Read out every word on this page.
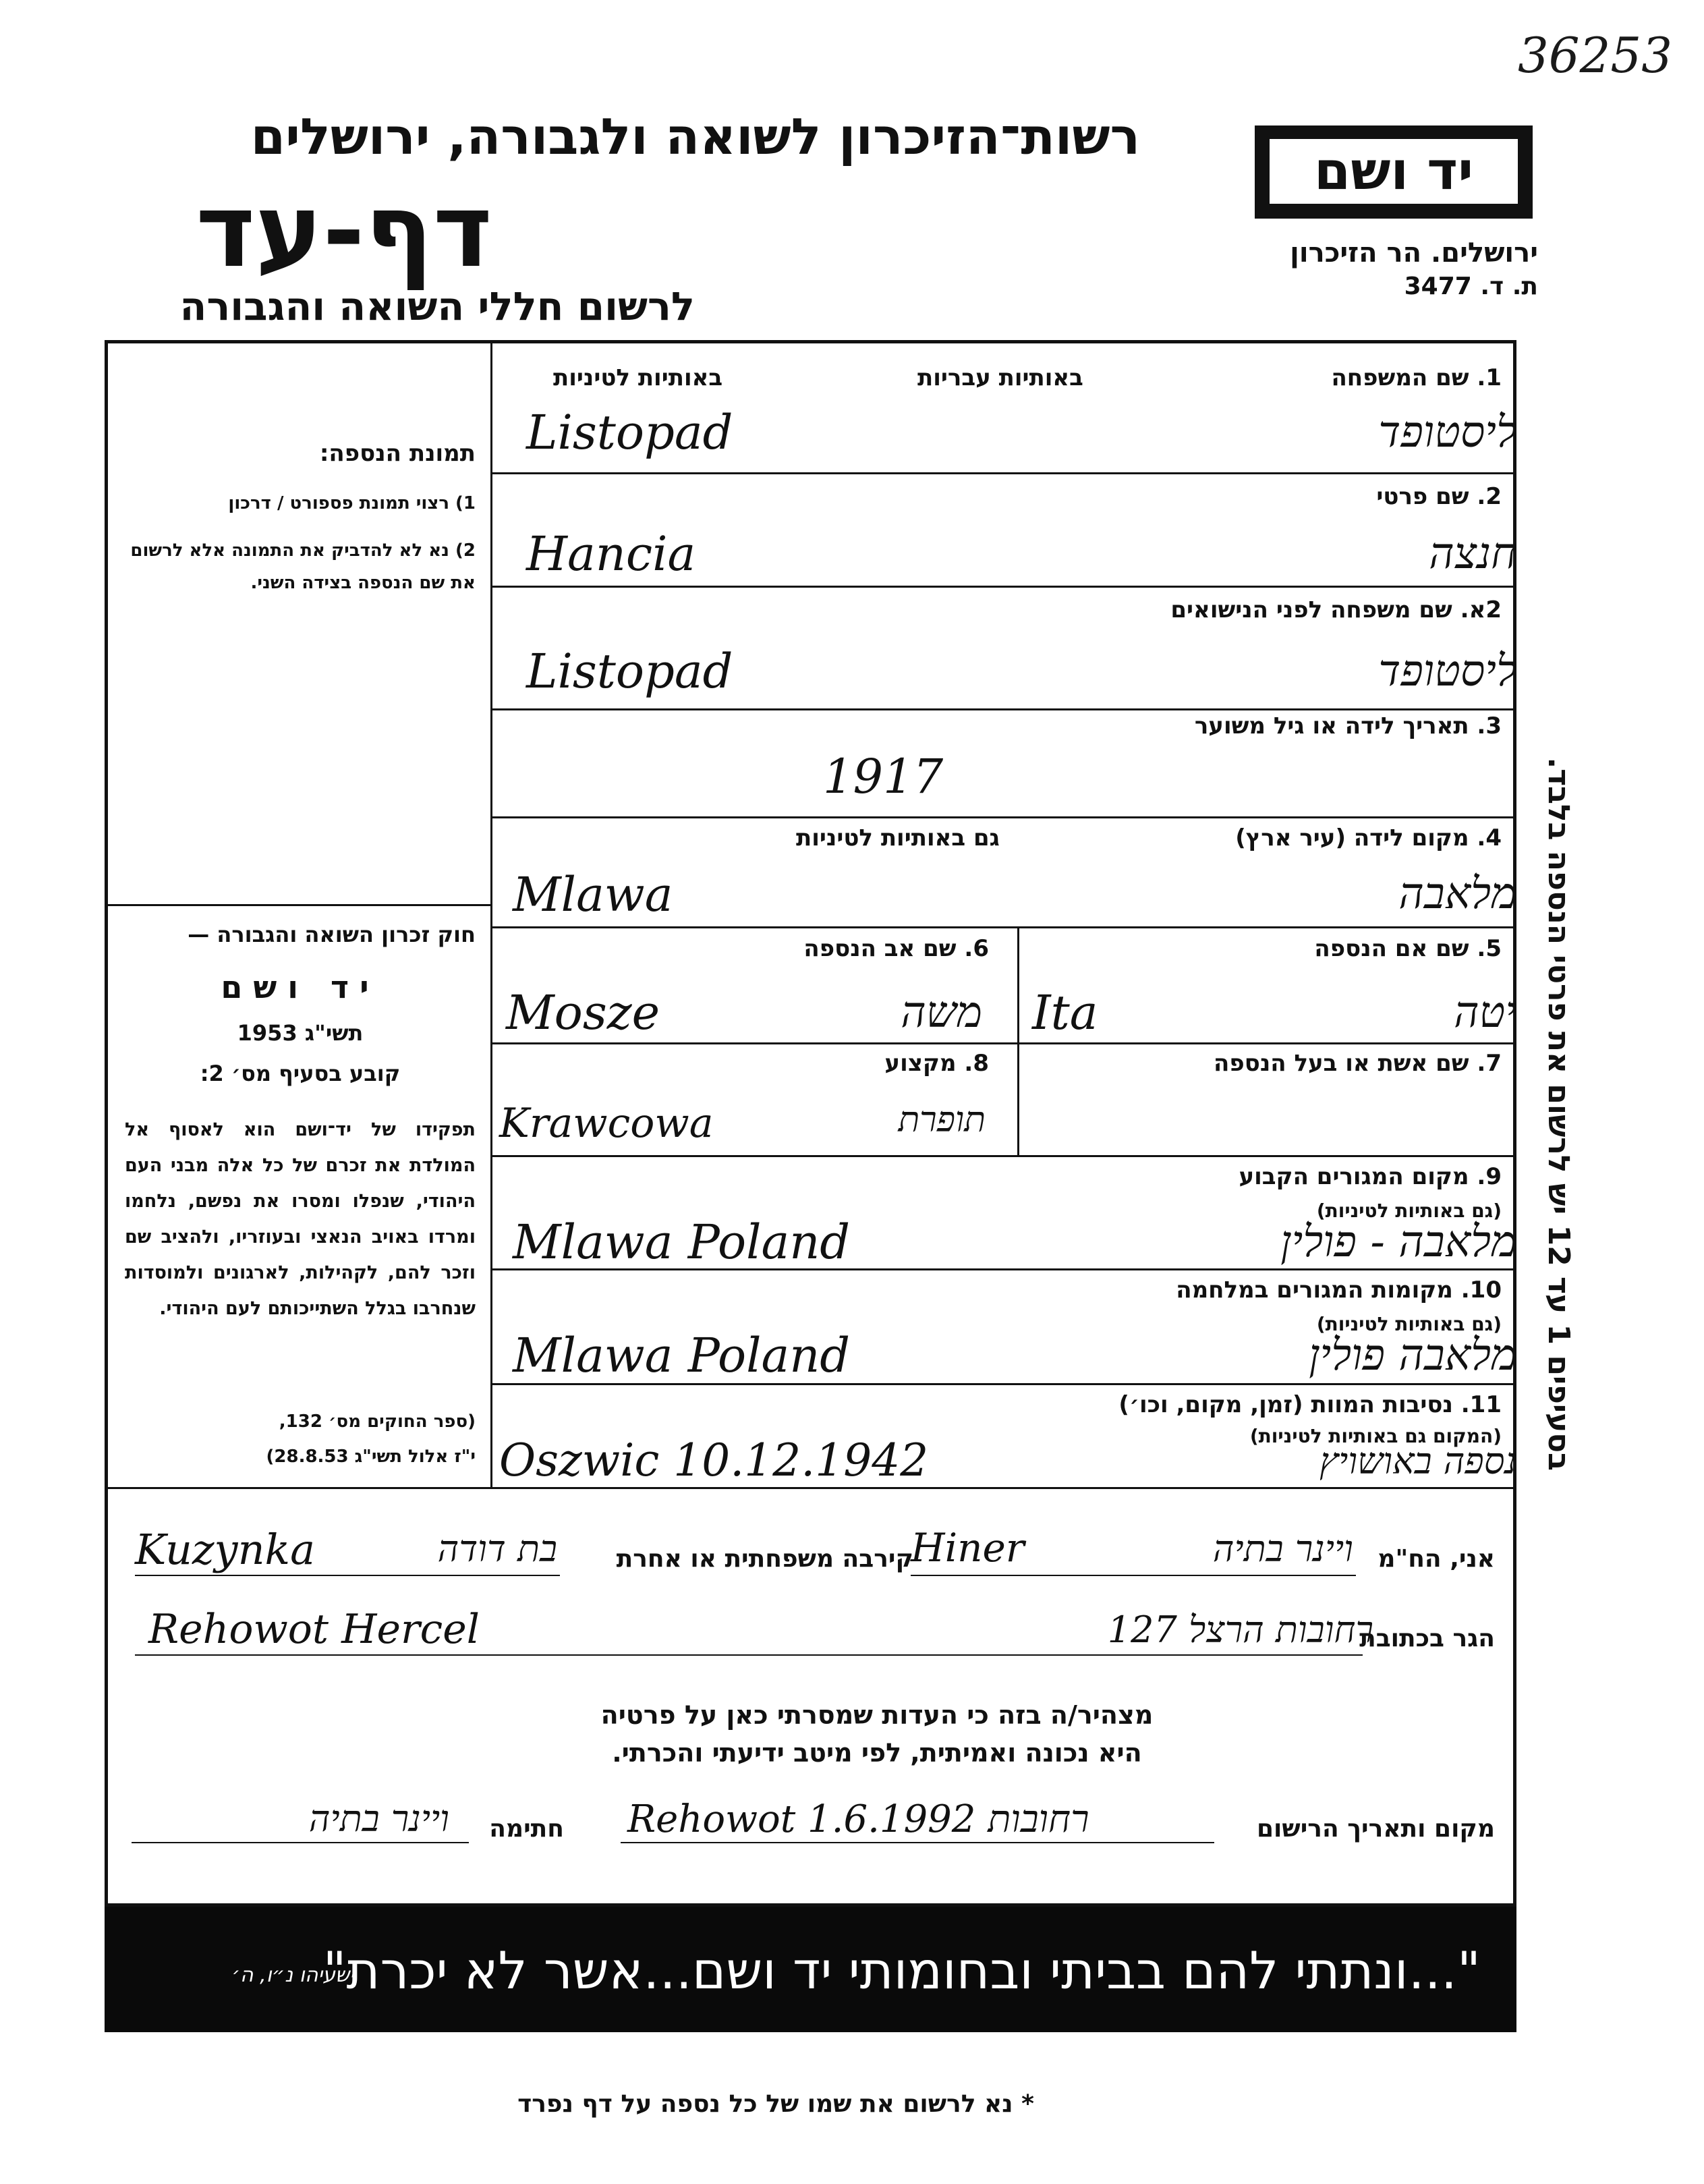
36253
רשות־הזיכרון לשואה ולגבורה, ירושלים
דף-עד
לרשום חללי השואה והגבורה
יד ושם
ירושלים. הר הזיכרון
ת. ד. 3477
תמונת הנספה:
1) רצוי תמונת פספורט / דרכון
2) נא לא להדביק את התמונה אלא לרשום את שם הנספה בצידה השני.
חוק זכרון השואה והגבורה —
יד ושם
תשי"ג 1953
קובע בסעיף מס׳ 2:
תפקידו של יד־ושם הוא לאסוף אל המולדת את זכרם של כל אלה מבני העם היהודי, שנפלו ומסרו את נפשם, נלחמו ומרדו באויב הנאצי ובעוזריו, ולהציב שם וזכר להם, לקהילות, לארגונים ולמוסדות שנחרבו בגלל השתייכותם לעם היהודי.
(ספר החוקים מס׳ 132,
י"ז אלול תשי"ג 28.8.53)
1. שם המשפחה
באותיות עבריות
באותיות לטיניות
Listopad	ליסטופד
2. שם פרטי
Hancia	חנצה
2א. שם משפחה לפני הנישואים
Listopad	ליסטופד
3. תאריך לידה או גיל משוער
1917
4. מקום לידה (עיר ארץ)
גם באותיות לטיניות
Mlawa	מלאבה
5. שם אם הנספה
Ita	יטה
6. שם אב הנספה
Mosze	משה
7. שם אשת או בעל הנספה
8. מקצוע
Krawcowa	תופרת
9. מקום המגורים הקבוע
(גם באותיות לטיניות)
Mlawa Poland	מלאבה - פולין
10. מקומות המגורים במלחמה
(גם באותיות לטיניות)
Mlawa Poland	מלאבה פולין
11. נסיבות המוות (זמן, מקום, וכו׳)
(המקום גם באותיות לטיניות)
Oszwic 10.12.1942	נספה באושויץ
בסעיפים 1 עד 12 יש לרשום את פרטי הנספה בלבד.
אני, הח"מ
Kuzynka	בת דודה קירבה משפחתית או אחרת
Hiner	ויינר בתיה
הגר בכתובת
Rehowot Hercel	רחובות הרצל 127
מצהיר/ה בזה כי העדות שמסרתי כאן על פרטיה
היא נכונה ואמיתית, לפי מיטב ידיעתי והכרתי.
מקום ותאריך הרישום
Rehowot 1.6.1992 רחובות
חתימה
ויינר בתיה
"...ונתתי להם בביתי ובחומותי יד ושם...אשר לא יכרת"
ישעיהו נ״ו, ה׳
* נא לרשום את שמו של כל נספה על דף נפרד
